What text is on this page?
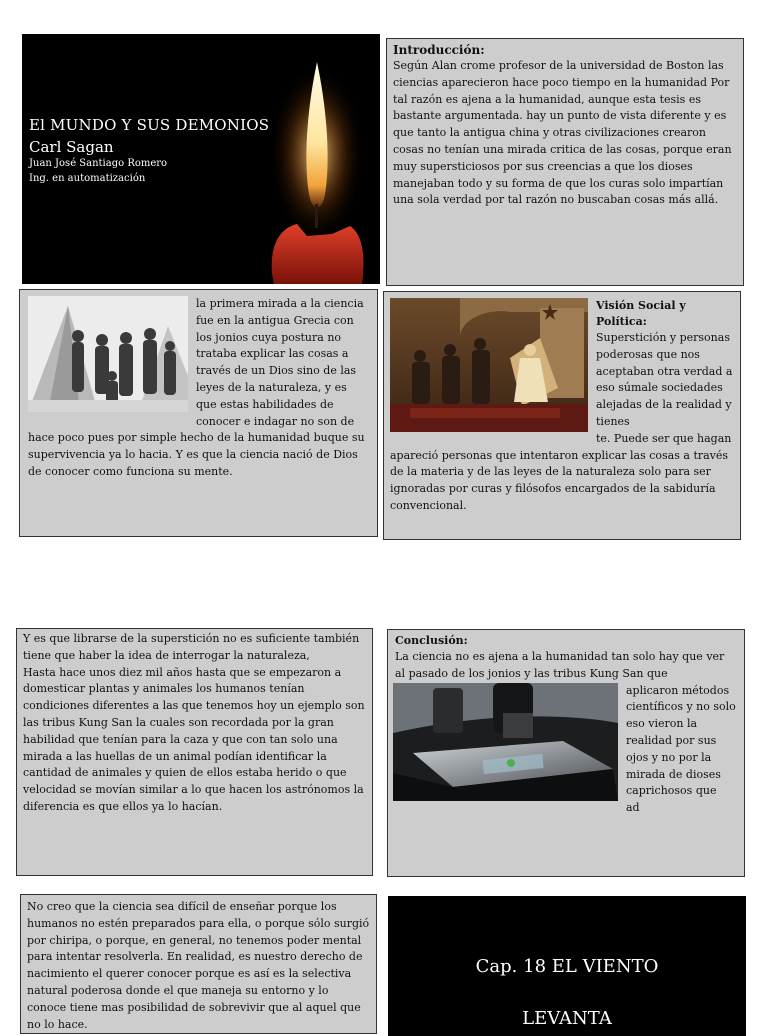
El MUNDO Y SUS DEMONIOS
Carl Sagan
Juan José Santiago Romero
Ing. en automatización
Introducción:
Según Alan crome profesor de la universidad de Boston las ciencias aparecieron hace poco tiempo en la humanidad Por tal razón es ajena a la humanidad, aunque esta tesis es bastante argumentada. hay un punto de vista diferente y es que tanto la antigua china y otras civilizaciones crearon cosas no tenían una mirada critica de las cosas, porque eran muy supersticiosos por sus creencias a que los dioses manejaban todo y su forma de que los curas solo impartían una sola verdad por tal razón no buscaban cosas más allá.
la primera mirada a la ciencia fue en la antigua Grecia con los jonios cuya postura no trataba explicar las cosas a través de un Dios sino de las leyes de la naturaleza, y es que estas habilidades de conocer e indagar no son de hace poco pues por simple hecho de la humanidad buque su supervivencia ya lo hacia. Y es que la ciencia nació de Dios de conocer como funciona su mente.
Visión Social y Política:
Superstición y personas poderosas que nos aceptaban otra verdad a eso súmale sociedades alejadas de la realidad y tienes
te. Puede ser que hagan apareció personas que intentaron explicar las cosas a través de la materia y de las leyes de la naturaleza solo para ser ignoradas por curas y filósofos encargados de la sabiduría convencional.
Y es que librarse de la superstición no es suficiente también tiene que haber la idea de interrogar la naturaleza,
Hasta hace unos diez mil años hasta que se empezaron a domesticar plantas y animales los humanos tenían condiciones diferentes a las que tenemos hoy un ejemplo son las tribus Kung San la cuales son recordada por la gran habilidad que tenían para la caza y que con tan solo una mirada a las huellas de un animal podían identificar la cantidad de animales y quien de ellos estaba herido o que velocidad se movían similar a lo que hacen los astrónomos la diferencia es que ellos ya lo hacían.
Conclusión:
La ciencia no es ajena a la humanidad tan solo hay que ver al pasado de los jonios y las tribus Kung San que
aplicaron métodos científicos y no solo eso vieron la realidad por sus ojos y no por la mirada de dioses caprichosos que
ad
No creo que la ciencia sea difícil de enseñar porque los humanos no estén preparados para ella, o porque sólo surgió por chiripa, o porque, en general, no tenemos poder mental para intentar resolverla. En realidad, es nuestro derecho de nacimiento el querer conocer porque es así es la selectiva natural poderosa donde el que maneja su entorno y lo conoce tiene mas posibilidad de sobrevivir que al aquel que no lo hace.
Cap. 18 EL VIENTO
LEVANTA
